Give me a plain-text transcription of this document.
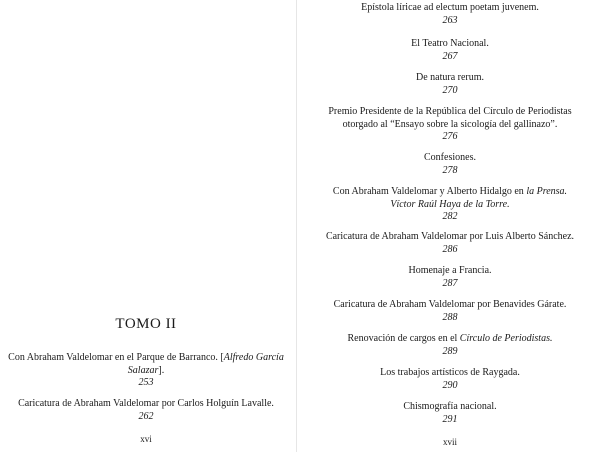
TOMO II
Con Abraham Valdelomar en el Parque de Barranco. [Alfredo García Salazar].
253
Caricatura de Abraham Valdelomar por Carlos Holguín Lavalle.
262
xvi
Epístola líricae ad electum poetam juvenem.
263
El Teatro Nacional.
267
De natura rerum.
270
Premio Presidente de la República del Círculo de Periodistas
otorgado al “Ensayo sobre la sicología del gallinazo”.
276
Confesiones.
278
Con Abraham Valdelomar y Alberto Hidalgo en la Prensa.
Víctor Raúl Haya de la Torre.
282
Caricatura de Abraham Valdelomar por Luis Alberto Sánchez.
286
Homenaje a Francia.
287
Caricatura de Abraham Valdelomar por Benavides Gárate.
288
Renovación de cargos en el Círculo de Periodistas.
289
Los trabajos artísticos de Raygada.
290
Chismografía nacional.
291
xvii
